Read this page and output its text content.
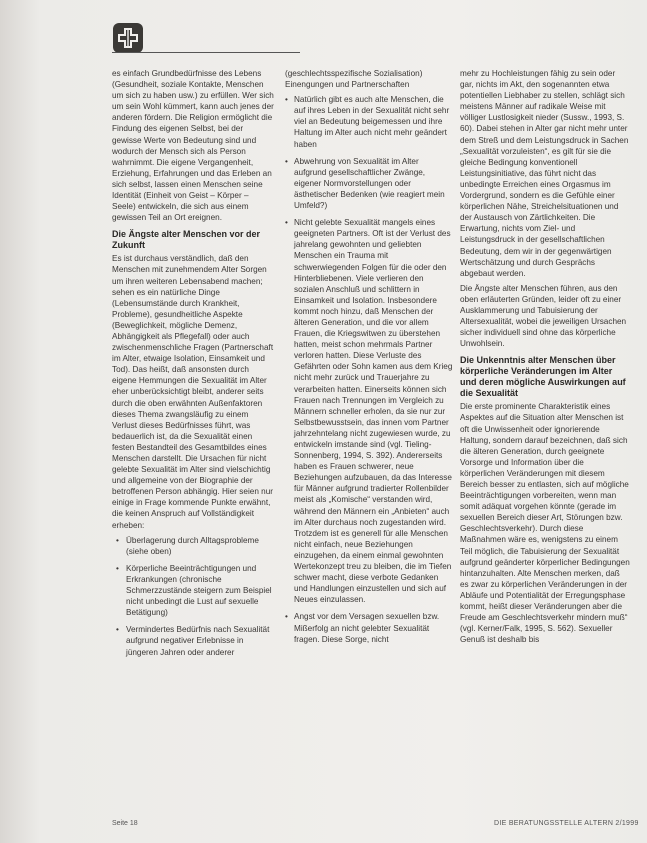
es einfach Grundbedürfnisse des Lebens (Gesundheit, soziale Kontakte, Menschen um sich zu haben usw.) zu erfüllen. Wer sich um sein Wohl kümmert, kann auch jenes der anderen fördern. Die Religion ermöglicht die Findung des eigenen Selbst, bei der gewisse Werte von Bedeutung sind und wodurch der Mensch sich als Person wahrnimmt. Die eigene Vergangenheit, Erziehung, Erfahrungen und das Erleben an sich selbst, lassen einen Menschen seine Identität (Einheit von Geist – Körper – Seele) entwickeln, die sich aus einem gewissen Teil an Ort ereignen.

Die Ängste alter Menschen vor der Zukunft

Es ist durchaus verständlich, daß den Menschen mit zunehmendem Alter Sorgen um ihren weiteren Lebensabend machen; sehen es ein natürliche Dinge (Lebensumstände durch Krankheit, Probleme), gesundheitliche Aspekte (Beweglichkeit, mögliche Demenz, Abhängigkeit als Pflegefall) oder auch zwischenmenschliche Fragen (Partnerschaft im Alter, etwaige Isolation, Einsamkeit und Tod). Das heißt, daß ansonsten durch eigene Hemmungen die Sexualität im Alter eher unberücksichtigt bleibt, anderer seits durch die oben erwähnten Außenfaktoren dieses Thema zwangsläufig zu einem Verlust dieses Bedürfnisses führt, was bedauerlich ist, da die Sexualität einen festen Bestandteil des Gesamtbildes eines Menschen darstellt. Die Ursachen für nicht gelebte Sexualität im Alter sind vielschichtig und allgemeine von der Biographie der betroffenen Person abhängig. Hier seien nur einige in Frage kommende Punkte erwähnt, die keinen Anspruch auf Vollständigkeit erheben:

• Überlagerung durch Alltagsprobleme (siehe oben)
• Körperliche Beeinträchtigungen und Erkrankungen (chronische Schmerzzustände steigern zum Beispiel nicht unbedingt die Lust auf sexuelle Betätigung)
• Vermindertes Bedürfnis nach Sexualität aufgrund negativer Erlebnisse in jüngeren Jahren oder anderer

(geschlechtsspezifische Sozialisation) Einengungen und Partnerschaften

• Natürlich gibt es auch alte Menschen, die auf ihres Leben in der Sexualität nicht sehr viel an Bedeutung beigemessen und ihre Haltung im Alter auch nicht mehr geändert haben
• Abwehrung von Sexualität im Alter aufgrund gesellschaftlicher Zwänge, eigener Normvorstellungen oder ästhetischer Bedenken (wie reagiert mein Umfeld?)
• Nicht gelebte Sexualität mangels eines geeigneten Partners. Oft ist der Verlust des jahrelang gewohnten und geliebten Menschen ein Trauma mit schwerwiegenden Folgen für die oder den Hinterbliebenen. Viele verlieren den sozialen Anschluß und schlittern in Einsamkeit und Isolation. Insbesondere kommt noch hinzu, daß Menschen der älteren Generation, und die vor allem Frauen, die Kriegswitwen zu überstehen hatten, meist schon mehrmals Partner verloren hatten. Diese Verluste des Gefährten oder Sohn kamen aus dem Krieg nicht mehr zurück und Trauerjahre zu verarbeiten hatten. Einerseits können sich Frauen nach Trennungen im Vergleich zu Männern schneller erholen, da sie nur zur Selbstbewusstsein, das innen vom Partner jahrzehntelang nicht zugewiesen wurde, zu entwickeln imstande sind (vgl. Tieling-Sonnenberg, 1994, S. 392). Andererseits haben es Frauen schwerer, neue Beziehungen aufzubauen, da das Interesse für Männer aufgrund tradierter Rollenbilder meist als „Komische“ verstanden wird, während den Männern ein „Anbieten“ auch im Alter durchaus noch zugestanden wird. Trotzdem ist es generell für alle Menschen nicht einfach, neue Beziehungen einzugehen, da einem einmal gewohnten Wertekonzept treu zu bleiben, die im Tiefen schwer macht, diese verbote Gedanken und Handlungen einzustellen und sich auf Neues einzulassen.
• Angst vor dem Versagen sexuellen bzw. Mißerfolg an nicht gelebter Sexualität fragen. Diese Sorge, nicht

mehr zu Hochleistungen fähig zu sein oder gar, nichts im Akt, den sogenannten etwa potentiellen Liebhaber zu stellen, schlägt sich meistens Männer auf radikale Weise mit völliger Lustlosigkeit nieder (Sussw., 1993, S. 60). Dabei stehen in Alter gar nicht mehr unter dem Streß und dem Leistungsdruck in Sachen „Sexualität vorzuleisten“, es gilt für sie die gleiche Bedingung konventionell Leistungsinitiative, das führt nicht das unbedingte Erreichen eines Orgasmus im Vordergrund, sondern es die Gefühle einer körperlichen Nähe, Streichelsituationen und der Austausch von Zärtlichkeiten. Die Erwartung, nichts vom Ziel- und Leistungsdruck in der gesellschaftlichen Bedeutung, dem wir in der gegenwärtigen Wertschätzung und durch Gesprächs abgebaut werden.

Die Ängste alter Menschen führen, aus den oben erläuterten Gründen, leider oft zu einer Ausklammerung und Tabuisierung der Altersexualität, wobei die jeweiligen Ursachen sicher individuell sind ohne das körperliche Unwohlsein.

Die Unkenntnis alter Menschen über körperliche Veränderungen im Alter und deren mögliche Auswirkungen auf die Sexualität

Die erste prominente Charakteristik eines Aspektes auf die Situation alter Menschen ist oft die Unwissenheit oder ignorierende Haltung, sondern darauf bezeichnen, daß sich die älteren Generation, durch geeignete Vorsorge und Information über die körperlichen Veränderungen mit diesem Bereich besser zu entlasten, sich auf mögliche Beeinträchtigungen vorbereiten, wenn man somit adäquat vorgehen könnte (gerade im sexuellen Bereich dieser Art, Störungen bzw. Geschlechtsverkehr). Durch diese Maßnahmen wäre es, wenigstens zu einem Teil möglich, die Tabuisierung der Sexualität aufgrund geänderter körperlicher Bedingungen hintanzuhalten. Alte Menschen merken, daß es zwar zu körperlichen Veränderungen in der Abläufe und Potentialität der Erregungsphase kommt, heißt dieser Veränderungen aber die Freude am Geschlechtsverkehr mindern muß“ (vgl. Kerner/Falk, 1995, S. 562). Sexueller Genuß ist deshalb bis

Seite 18	DIE BERATUNGSSTELLE ALTERN 2/1999
